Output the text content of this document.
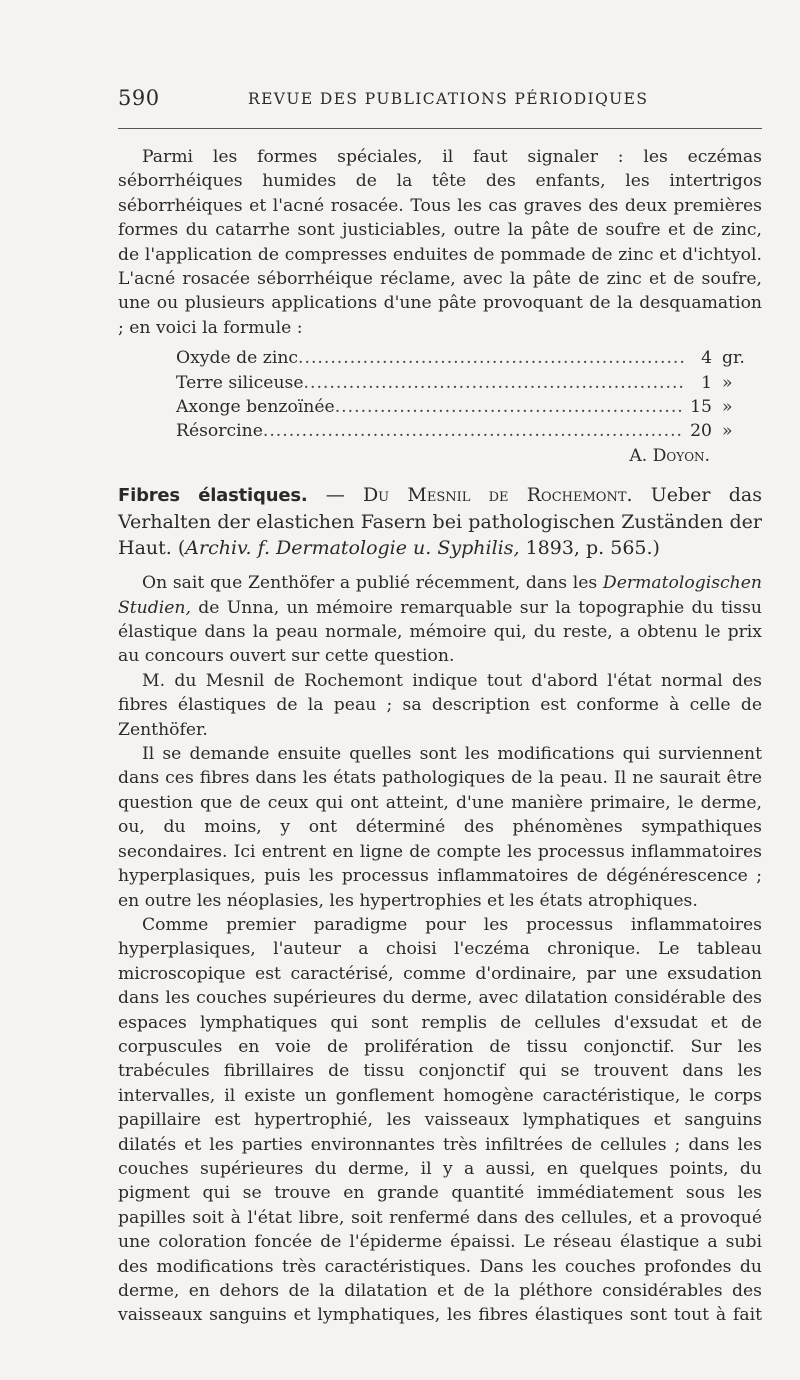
590	REVUE DES PUBLICATIONS PÉRIODIQUES

Parmi les formes spéciales, il faut signaler : les eczémas séborrhéiques humides de la tête des enfants, les intertrigos séborrhéiques et l'acné rosacée. Tous les cas graves des deux premières formes du catarrhe sont justiciables, outre la pâte de soufre et de zinc, de l'application de compresses enduites de pommade de zinc et d'ichtyol. L'acné rosacée séborrhéique réclame, avec la pâte de zinc et de soufre, une ou plusieurs applications d'une pâte provoquant de la desquamation ; en voici la formule :

Oxyde de zinc .....	4 gr.
Terre siliceuse .....	1 »
Axonge benzoïnée .....	15 »
Résorcine .....	20 »
A. Doyon.

Fibres élastiques. — Du Mesnil de Rochemont. Ueber das Verhalten der elastichen Fasern bei pathologischen Zuständen der Haut. (Archiv. f. Dermatologie u. Syphilis, 1893, p. 565.)

On sait que Zenthöfer a publié récemment, dans les Dermatologischen Studien, de Unna, un mémoire remarquable sur la topographie du tissu élastique dans la peau normale, mémoire qui, du reste, a obtenu le prix au concours ouvert sur cette question.

M. du Mesnil de Rochemont indique tout d'abord l'état normal des fibres élastiques de la peau ; sa description est conforme à celle de Zenthöfer.

Il se demande ensuite quelles sont les modifications qui surviennent dans ces fibres dans les états pathologiques de la peau. Il ne saurait être question que de ceux qui ont atteint, d'une manière primaire, le derme, ou, du moins, y ont déterminé des phénomènes sympathiques secondaires. Ici entrent en ligne de compte les processus inflammatoires hyperplasiques, puis les processus inflammatoires de dégénérescence ; en outre les néoplasies, les hypertrophies et les états atrophiques.

Comme premier paradigme pour les processus inflammatoires hyperplasiques, l'auteur a choisi l'eczéma chronique. Le tableau microscopique est caractérisé, comme d'ordinaire, par une exsudation dans les couches supérieures du derme, avec dilatation considérable des espaces lymphatiques qui sont remplis de cellules d'exsudat et de corpuscules en voie de prolifération de tissu conjonctif. Sur les trabécules fibrillaires de tissu conjonctif qui se trouvent dans les intervalles, il existe un gonflement homogène caractéristique, le corps papillaire est hypertrophié, les vaisseaux lymphatiques et sanguins dilatés et les parties environnantes très infiltrées de cellules ; dans les couches supérieures du derme, il y a aussi, en quelques points, du pigment qui se trouve en grande quantité immédiatement sous les papilles soit à l'état libre, soit renfermé dans des cellules, et a provoqué une coloration foncée de l'épiderme épaissi. Le réseau élastique a subi des modifications très caractéristiques. Dans les couches profondes du derme, en dehors de la dilatation et de la pléthore considérables des vaisseaux sanguins et lymphatiques, les fibres élastiques sont tout à fait
